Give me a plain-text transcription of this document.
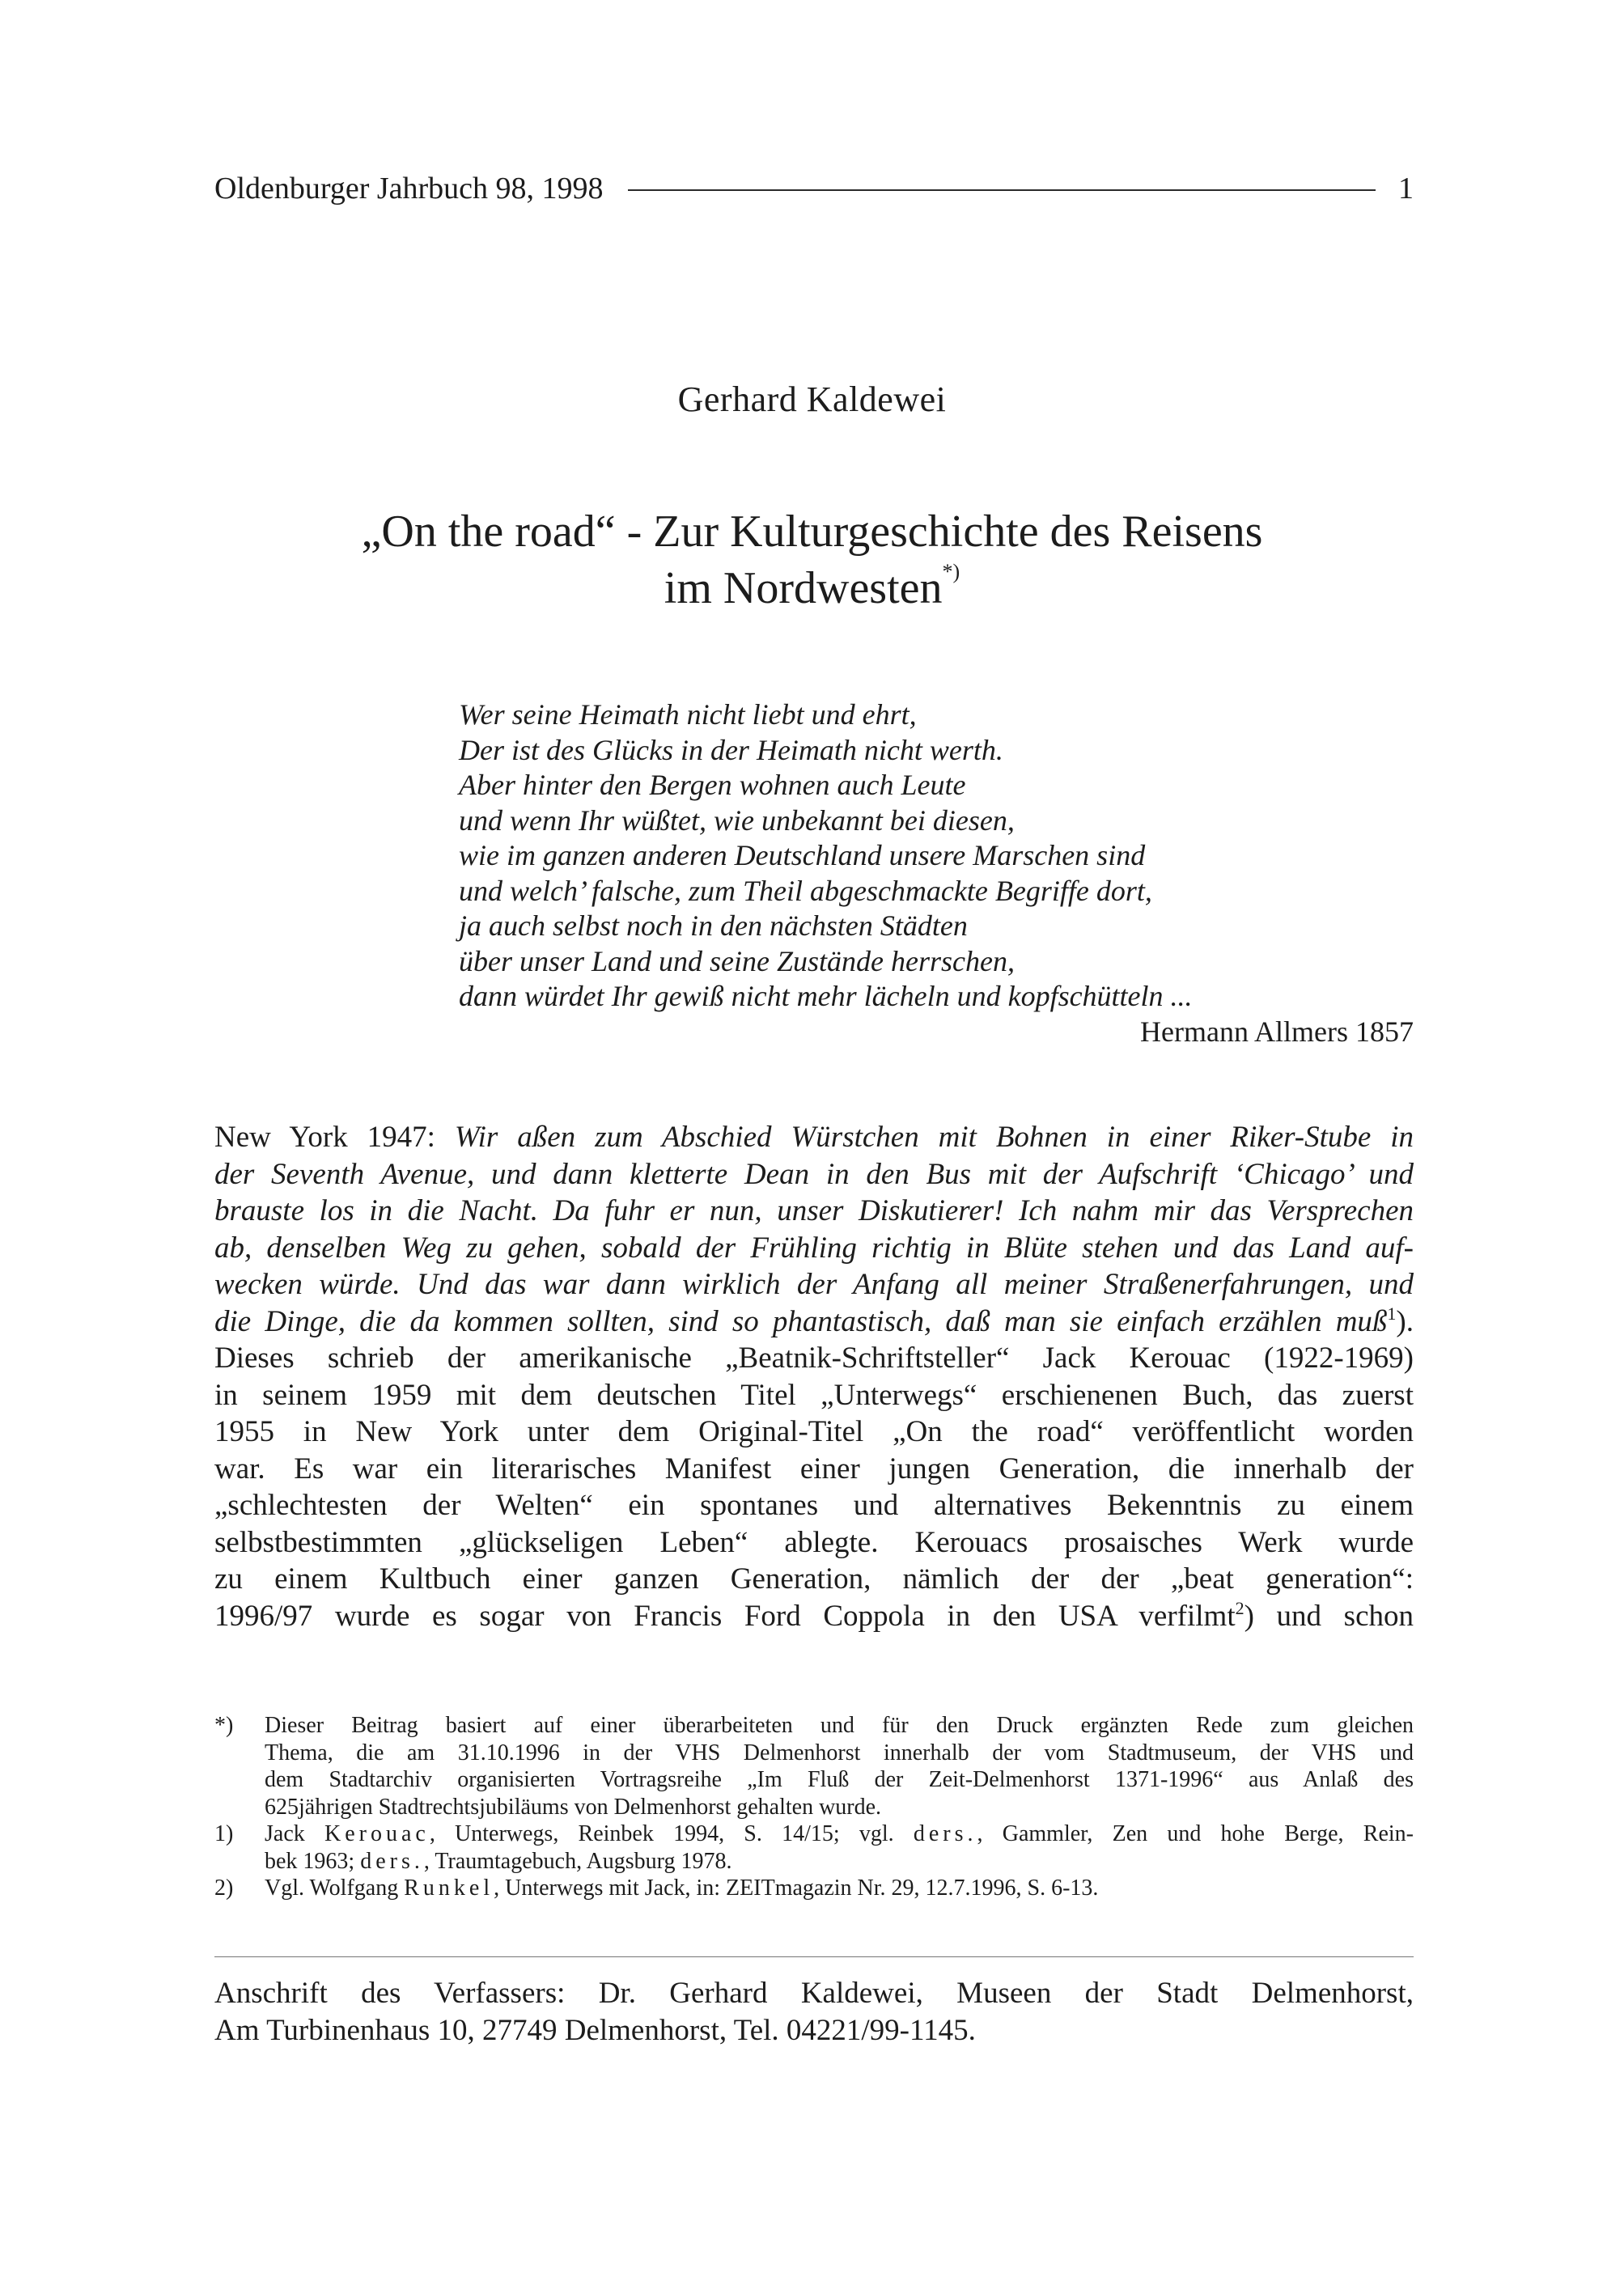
Oldenburger Jahrbuch 98, 1998	1
Gerhard Kaldewei
„On the road“ - Zur Kulturgeschichte des Reisens
im Nordwesten*)
Wer seine Heimath nicht liebt und ehrt,
Der ist des Glücks in der Heimath nicht werth.
Aber hinter den Bergen wohnen auch Leute
und wenn Ihr wüßtet, wie unbekannt bei diesen,
wie im ganzen anderen Deutschland unsere Marschen sind
und welch’ falsche, zum Theil abgeschmackte Begriffe dort,
ja auch selbst noch in den nächsten Städten
über unser Land und seine Zustände herrschen,
dann würdet Ihr gewiß nicht mehr lächeln und kopfschütteln ...
Hermann Allmers 1857
New York 1947: Wir aßen zum Abschied Würstchen mit Bohnen in einer Riker-Stube in
der Seventh Avenue, und dann kletterte Dean in den Bus mit der Aufschrift ‘Chicago’ und
brauste los in die Nacht. Da fuhr er nun, unser Diskutierer! Ich nahm mir das Versprechen
ab, denselben Weg zu gehen, sobald der Frühling richtig in Blüte stehen und das Land auf-
wecken würde. Und das war dann wirklich der Anfang all meiner Straßenerfahrungen, und
die Dinge, die da kommen sollten, sind so phantastisch, daß man sie einfach erzählen muß$^1$).
Dieses schrieb der amerikanische „Beatnik-Schriftsteller“ Jack Kerouac (1922-1969)
in seinem 1959 mit dem deutschen Titel „Unterwegs“ erschienenen Buch, das zuerst
1955 in New York unter dem Original-Titel „On the road“ veröffentlicht worden
war. Es war ein literarisches Manifest einer jungen Generation, die innerhalb der
„schlechtesten der Welten“ ein spontanes und alternatives Bekenntnis zu einem
selbstbestimmten „glückseligen Leben“ ablegte. Kerouacs prosaisches Werk wurde
zu einem Kultbuch einer ganzen Generation, nämlich der der „beat generation“:
1996/97 wurde es sogar von Francis Ford Coppola in den USA verfilmt$^2$) und schon
*)	Dieser Beitrag basiert auf einer überarbeiteten und für den Druck ergänzten Rede zum gleichen
Thema, die am 31.10.1996 in der VHS Delmenhorst innerhalb der vom Stadtmuseum, der VHS und
dem Stadtarchiv organisierten Vortragsreihe „Im Fluß der Zeit-Delmenhorst 1371-1996“ aus Anlaß des
625jährigen Stadtrechtsjubiläums von Delmenhorst gehalten wurde.
1)	Jack Kerouac, Unterwegs, Reinbek 1994, S. 14/15; vgl. ders., Gammler, Zen und hohe Berge, Rein-
bek 1963; ders., Traumtagebuch, Augsburg 1978.
2)	Vgl. Wolfgang Runkel, Unterwegs mit Jack, in: ZEITmagazin Nr. 29, 12.7.1996, S. 6-13.
Anschrift des Verfassers: Dr. Gerhard Kaldewei, Museen der Stadt Delmenhorst,
Am Turbinenhaus 10, 27749 Delmenhorst, Tel. 04221/99-1145.
